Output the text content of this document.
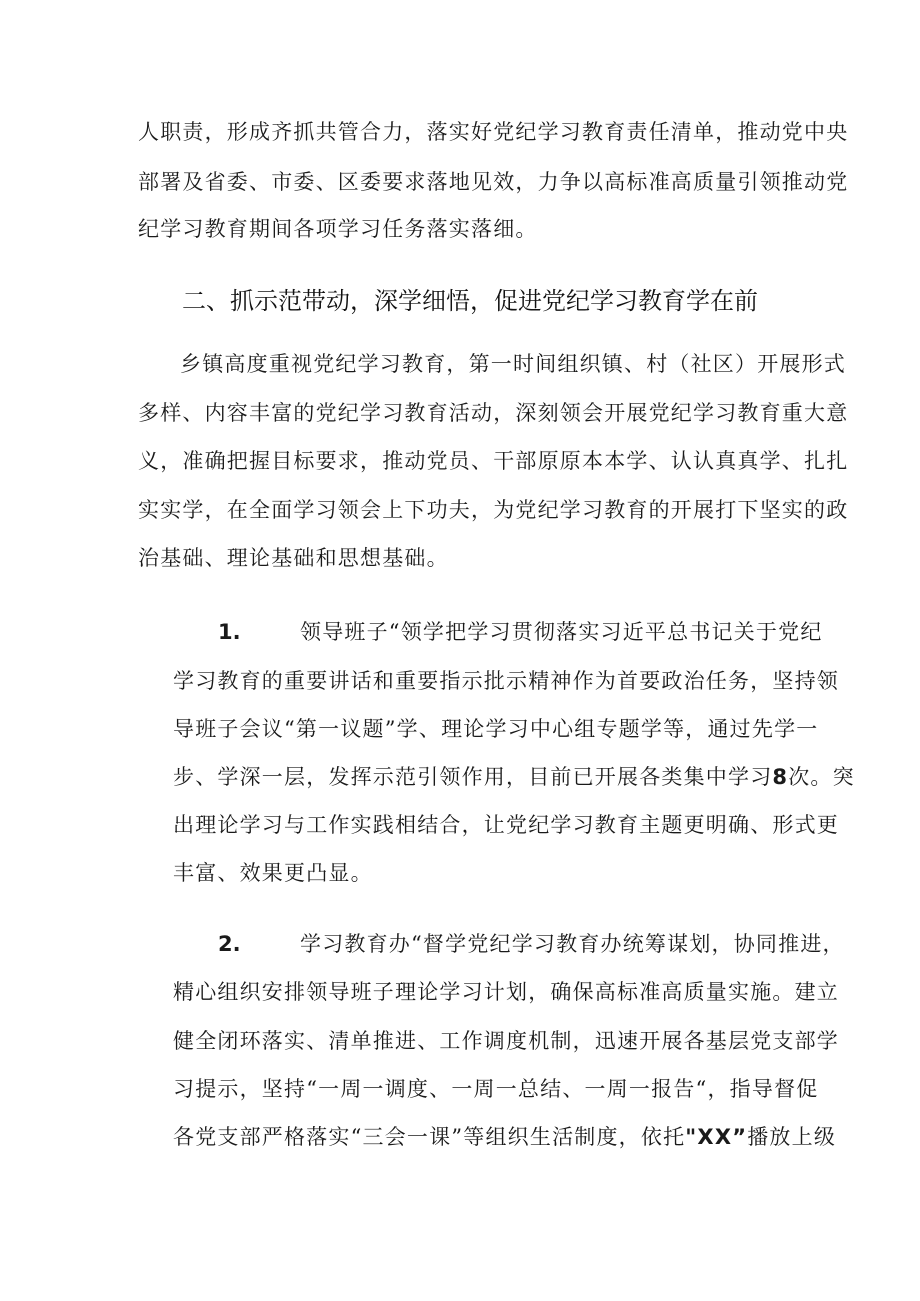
人职责，形成齐抓共管合力，落实好党纪学习教育责任清单，推动党中央
部署及省委、市委、区委要求落地见效，力争以高标准高质量引领推动党
纪学习教育期间各项学习任务落实落细。
二、抓示范带动，深学细悟，促进党纪学习教育学在前
乡镇高度重视党纪学习教育，第一时间组织镇、村（社区）开展形式
多样、内容丰富的党纪学习教育活动，深刻领会开展党纪学习教育重大意
义，准确把握目标要求，推动党员、干部原原本本学、认认真真学、扎扎
实实学，在全面学习领会上下功夫，为党纪学习教育的开展打下坚实的政
治基础、理论基础和思想基础。
1.	领导班子“领学把学习贯彻落实习近平总书记关于党纪
学习教育的重要讲话和重要指示批示精神作为首要政治任务，坚持领
导班子会议“第一议题”学、理论学习中心组专题学等，通过先学一
步、学深一层，发挥示范引领作用，目前已开展各类集中学习8次。突
出理论学习与工作实践相结合，让党纪学习教育主题更明确、形式更
丰富、效果更凸显。
2.	学习教育办“督学党纪学习教育办统筹谋划，协同推进，
精心组织安排领导班子理论学习计划，确保高标准高质量实施。建立
健全闭环落实、清单推进、工作调度机制，迅速开展各基层党支部学
习提示，坚持“一周一调度、一周一总结、一周一报告“，指导督促
各党支部严格落实“三会一课”等组织生活制度，依托"XX”播放上级
